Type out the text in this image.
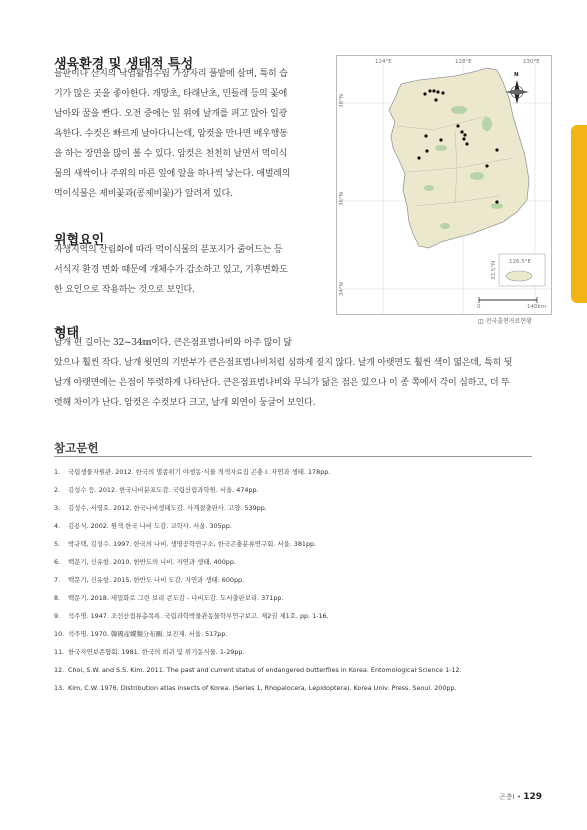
생육환경 및 생태적 특성
들판이나 산지의 낙엽활엽수림 가장자리 풀밭에 살며, 특히 습
기가 많은 곳을 좋아한다. 개망초, 타래난초, 민들레 등의 꽃에
날아와 꿀을 빤다. 오전 중에는 잎 위에 날개를 펴고 앉아 일광
욕한다. 수컷은 빠르게 날아다니는데, 암컷을 만나면 배우행동
을 하는 장면을 많이 볼 수 있다. 암컷은 천천히 날면서 먹이식
물의 새싹이나 주위의 마른 잎에 알을 하나씩 낳는다. 애벌레의
먹이식물은 제비꽃과(콩제비꽃)가 알려져 있다.
위협요인
자생지역의 산림화에 따라 먹이식물의 분포지가 줄어드는 등
서식지 환경 변화 때문에 개체수가 감소하고 있고, 기후변화도
한 요인으로 작용하는 것으로 보인다.
형태
날개 편 길이는 32~34㎜이다. 큰은점표범나비와 아주 많이 닮
았으나 훨씬 작다. 날개 윗면의 기반부가 큰은점표범나비처럼 심하게 짙지 않다. 날개 아랫면도 훨씬 색이 엷은데, 특히 뒷
날개 아랫면에는 은점이 뚜렷하게 나타난다. 큰은점표범나비와 무늬가 닮은 점은 있으나 이 종 쪽에서 각이 심하고, 더 뚜
렷해 차이가 난다. 암컷은 수컷보다 크고, 날개 외연이 둥글어 보인다.
124°E	128°E	130°E
38°N
36°N
34°N
33.5°N 126.5°E
N
0	140km
◫ 전국출현자료현황
참고문헌
1. 국립생물자원관. 2012. 한국의 멸종위기 야생동·식물 적색자료집 곤충 I. 자연과 생태. 178pp.
2. 김성수 등. 2012. 한국나비분포도감. 국립산림과학원. 서울. 474pp.
3. 김성수, 서영호. 2012. 한국나비생태도감. 사계절출판사. 고양. 539pp.
4. 김용식. 2002. 원색 한국 나비 도감. 교학사. 서울. 305pp.
5. 박규택, 김성수. 1997. 한국의 나비. 생명공학연구소, 한국곤충분류연구회. 서울. 381pp.
6. 백문기, 신유항. 2010. 한반도의 나비. 자연과 생태. 400pp.
7. 백문기, 신유항. 2015. 한반도 나비 도감. 자연과 생태. 600pp.
8. 백문기. 2018. 세밀화로 그린 보리 큰도감 - 나비도감. 도서출판보리. 371pp.
9. 석주명. 1947. 조선산접류총목록. 국립과학박물관동물학부연구보고. 제2권 제1호. pp. 1-16.
10. 석주명. 1970. 韓國産蝶類分布圖. 보진재. 서울. 517pp.
11. 한국자연보존협회. 1981. 한국의 희귀 및 위기동식물. 1-29pp.
12. Choi, S.W. and S.S. Kim. 2011. The past and current status of endangered butterflies in Korea. Entomological Science 1-12.
13. Kim, C.W. 1976. Distribution atlas insects of Korea. (Series 1, Rhopalocera, Lepidoptera). Korea Univ. Press. Seoul. 200pp.
곤충Ⅰ • 129
